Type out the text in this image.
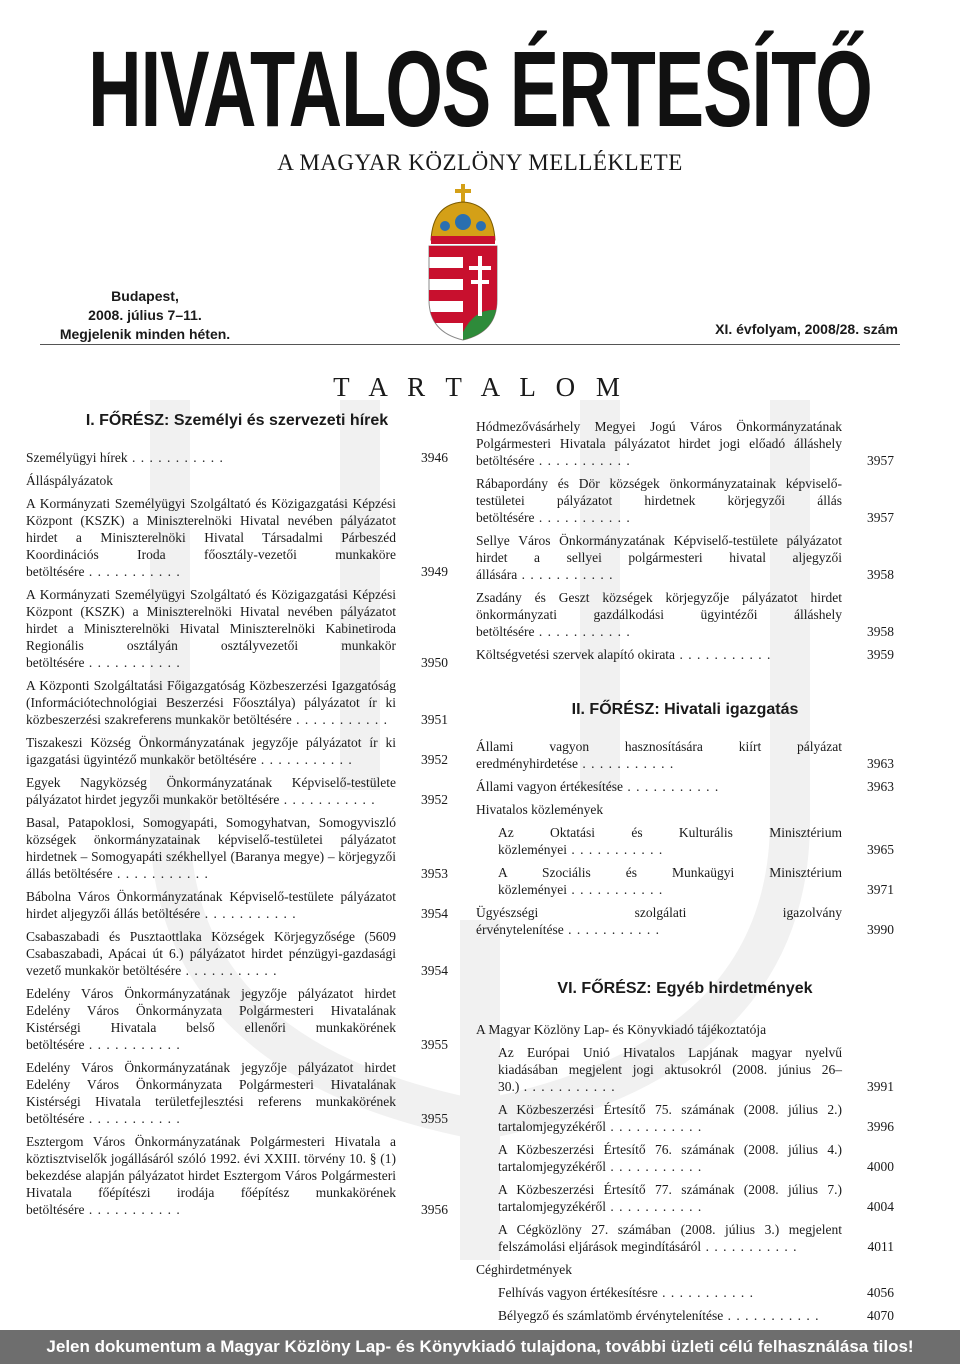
HIVATALOS ÉRTESÍTŐ
A MAGYAR KÖZLÖNY MELLÉKLETE
Budapest,
2008. július 7–11.
Megjelenik minden héten.	XI. évfolyam, 2008/28. szám
T A R T A L O M

I. FŐRÉSZ: Személyi és szervezeti hírek

Személyügyi hírek . . . . . . . . . . .	3946
Álláspályázatok
A Kormányzati Személyügyi Szolgáltató és Közigazgatási Képzési Központ (KSZK) a Miniszterelnöki Hivatal nevében pályázatot hirdet a Miniszterelnöki Hivatal Társadalmi Párbeszéd Koordinációs Iroda főosztály-vezetői munkaköre betöltésére . . . . . . . . . . .	3949
A Kormányzati Személyügyi Szolgáltató és Közigazgatási Képzési Központ (KSZK) a Miniszterelnöki Hivatal nevében pályázatot hirdet a Miniszterelnöki Hivatal Miniszterelnöki Kabinetiroda Regionális osztályán osztályvezetői munkakör betöltésére . . . . . . . . . . .	3950
A Központi Szolgáltatási Főigazgatóság Közbeszerzési Igazgatóság (Információtechnológiai Beszerzési Főosztálya) pályázatot ír ki közbeszerzési szakreferens munkakör betöltésére . . . . . . . . . . .	3951
Tiszakeszi Község Önkormányzatának jegyzője pályázatot ír ki igazgatási ügyintéző munkakör betöltésére . . . . . . . . . . .	3952
Egyek Nagyközség Önkormányzatának Képviselő-testülete pályázatot hirdet jegyzői munkakör betöltésére . . . . . . . . . . .	3952
Basal, Patapoklosi, Somogyapáti, Somogyhatvan, Somogyviszló községek önkormányzatainak képviselő-testületei pályázatot hirdetnek – Somogyapáti székhellyel (Baranya megye) – körjegyzői állás betöltésére . . . . . . . . . . .	3953
Bábolna Város Önkormányzatának Képviselő-testülete pályázatot hirdet aljegyzői állás betöltésére . . . . . . . . . . .	3954
Csabaszabadi és Pusztaottlaka Községek Körjegyzősége (5609 Csabaszabadi, Apácai út 6.) pályázatot hirdet pénzügyi-gazdasági vezető munkakör betöltésére . . . . . . . . . . .	3954
Edelény Város Önkormányzatának jegyzője pályázatot hirdet Edelény Város Önkormányzata Polgármesteri Hivatalának Kistérségi Hivatala belső ellenőri munkakörének betöltésére . . . . . . . . . . .	3955
Edelény Város Önkormányzatának jegyzője pályázatot hirdet Edelény Város Önkormányzata Polgármesteri Hivatalának Kistérségi Hivatala területfejlesztési referens munkakörének betöltésére . . . . . . . . . . .	3955
Esztergom Város Önkormányzatának Polgármesteri Hivatala a köztisztviselők jogállásáról szóló 1992. évi XXIII. törvény 10. § (1) bekezdése alapján pályázatot hirdet Esztergom Város Polgármesteri Hivatala főépítészi irodája főépítész munkakörének betöltésére . . . . . . . . . . .	3956
Hódmezővásárhely Megyei Jogú Város Önkormányzatának Polgármesteri Hivatala pályázatot hirdet jogi előadó álláshely betöltésére . . . . . . . . . . .	3957
Rábapordány és Dör községek önkormányzatainak képviselő-testületei pályázatot hirdetnek körjegyzői állás betöltésére . . . . . . . . . . .	3957
Sellye Város Önkormányzatának Képviselő-testülete pályázatot hirdet a sellyei polgármesteri hivatal aljegyzői állására . . . . . . . . . . .	3958
Zsadány és Geszt községek körjegyzője pályázatot hirdet önkormányzati gazdálkodási ügyintézői álláshely betöltésére . . . . . . . . . . .	3958
Költségvetési szervek alapító okirata . . . . . . . . . . .	3959

II. FŐRÉSZ: Hivatali igazgatás

Állami vagyon hasznosítására kiírt pályázat eredményhirdetése . . . . . . . . . . .	3963
Állami vagyon értékesítése . . . . . . . . . . .	3963
Hivatalos közlemények
Az Oktatási és Kulturális Minisztérium közleményei . . . . . . . . . . .	3965
A Szociális és Munkaügyi Minisztérium közleményei . . . . . . . . . . .	3971
Ügyészségi szolgálati igazolvány érvénytelenítése . . . . . . . . . . .	3990

VI. FŐRÉSZ: Egyéb hirdetmények

A Magyar Közlöny Lap- és Könyvkiadó tájékoztatója
Az Európai Unió Hivatalos Lapjának magyar nyelvű kiadásában megjelent jogi aktusokról (2008. június 26–30.) . . . . . . . . . . .	3991
A Közbeszerzési Értesítő 75. számának (2008. július 2.) tartalomjegyzékéről . . . . . . . . . . .	3996
A Közbeszerzési Értesítő 76. számának (2008. július 4.) tartalomjegyzékéről . . . . . . . . . . .	4000
A Közbeszerzési Értesítő 77. számának (2008. július 7.) tartalomjegyzékéről . . . . . . . . . . .	4004
A Cégközlöny 27. számában (2008. július 3.) megjelent felszámolási eljárások megindításáról . . . . . . . . . . .	4011
Céghirdetmények
Felhívás vagyon értékesítésre . . . . . . . . . . .	4056
Bélyegző és számlatömb érvénytelenítése . . . . . . . . . . .	4070
Jelen dokumentum a Magyar Közlöny Lap- és Könyvkiadó tulajdona, további üzleti célú felhasználása tilos!
